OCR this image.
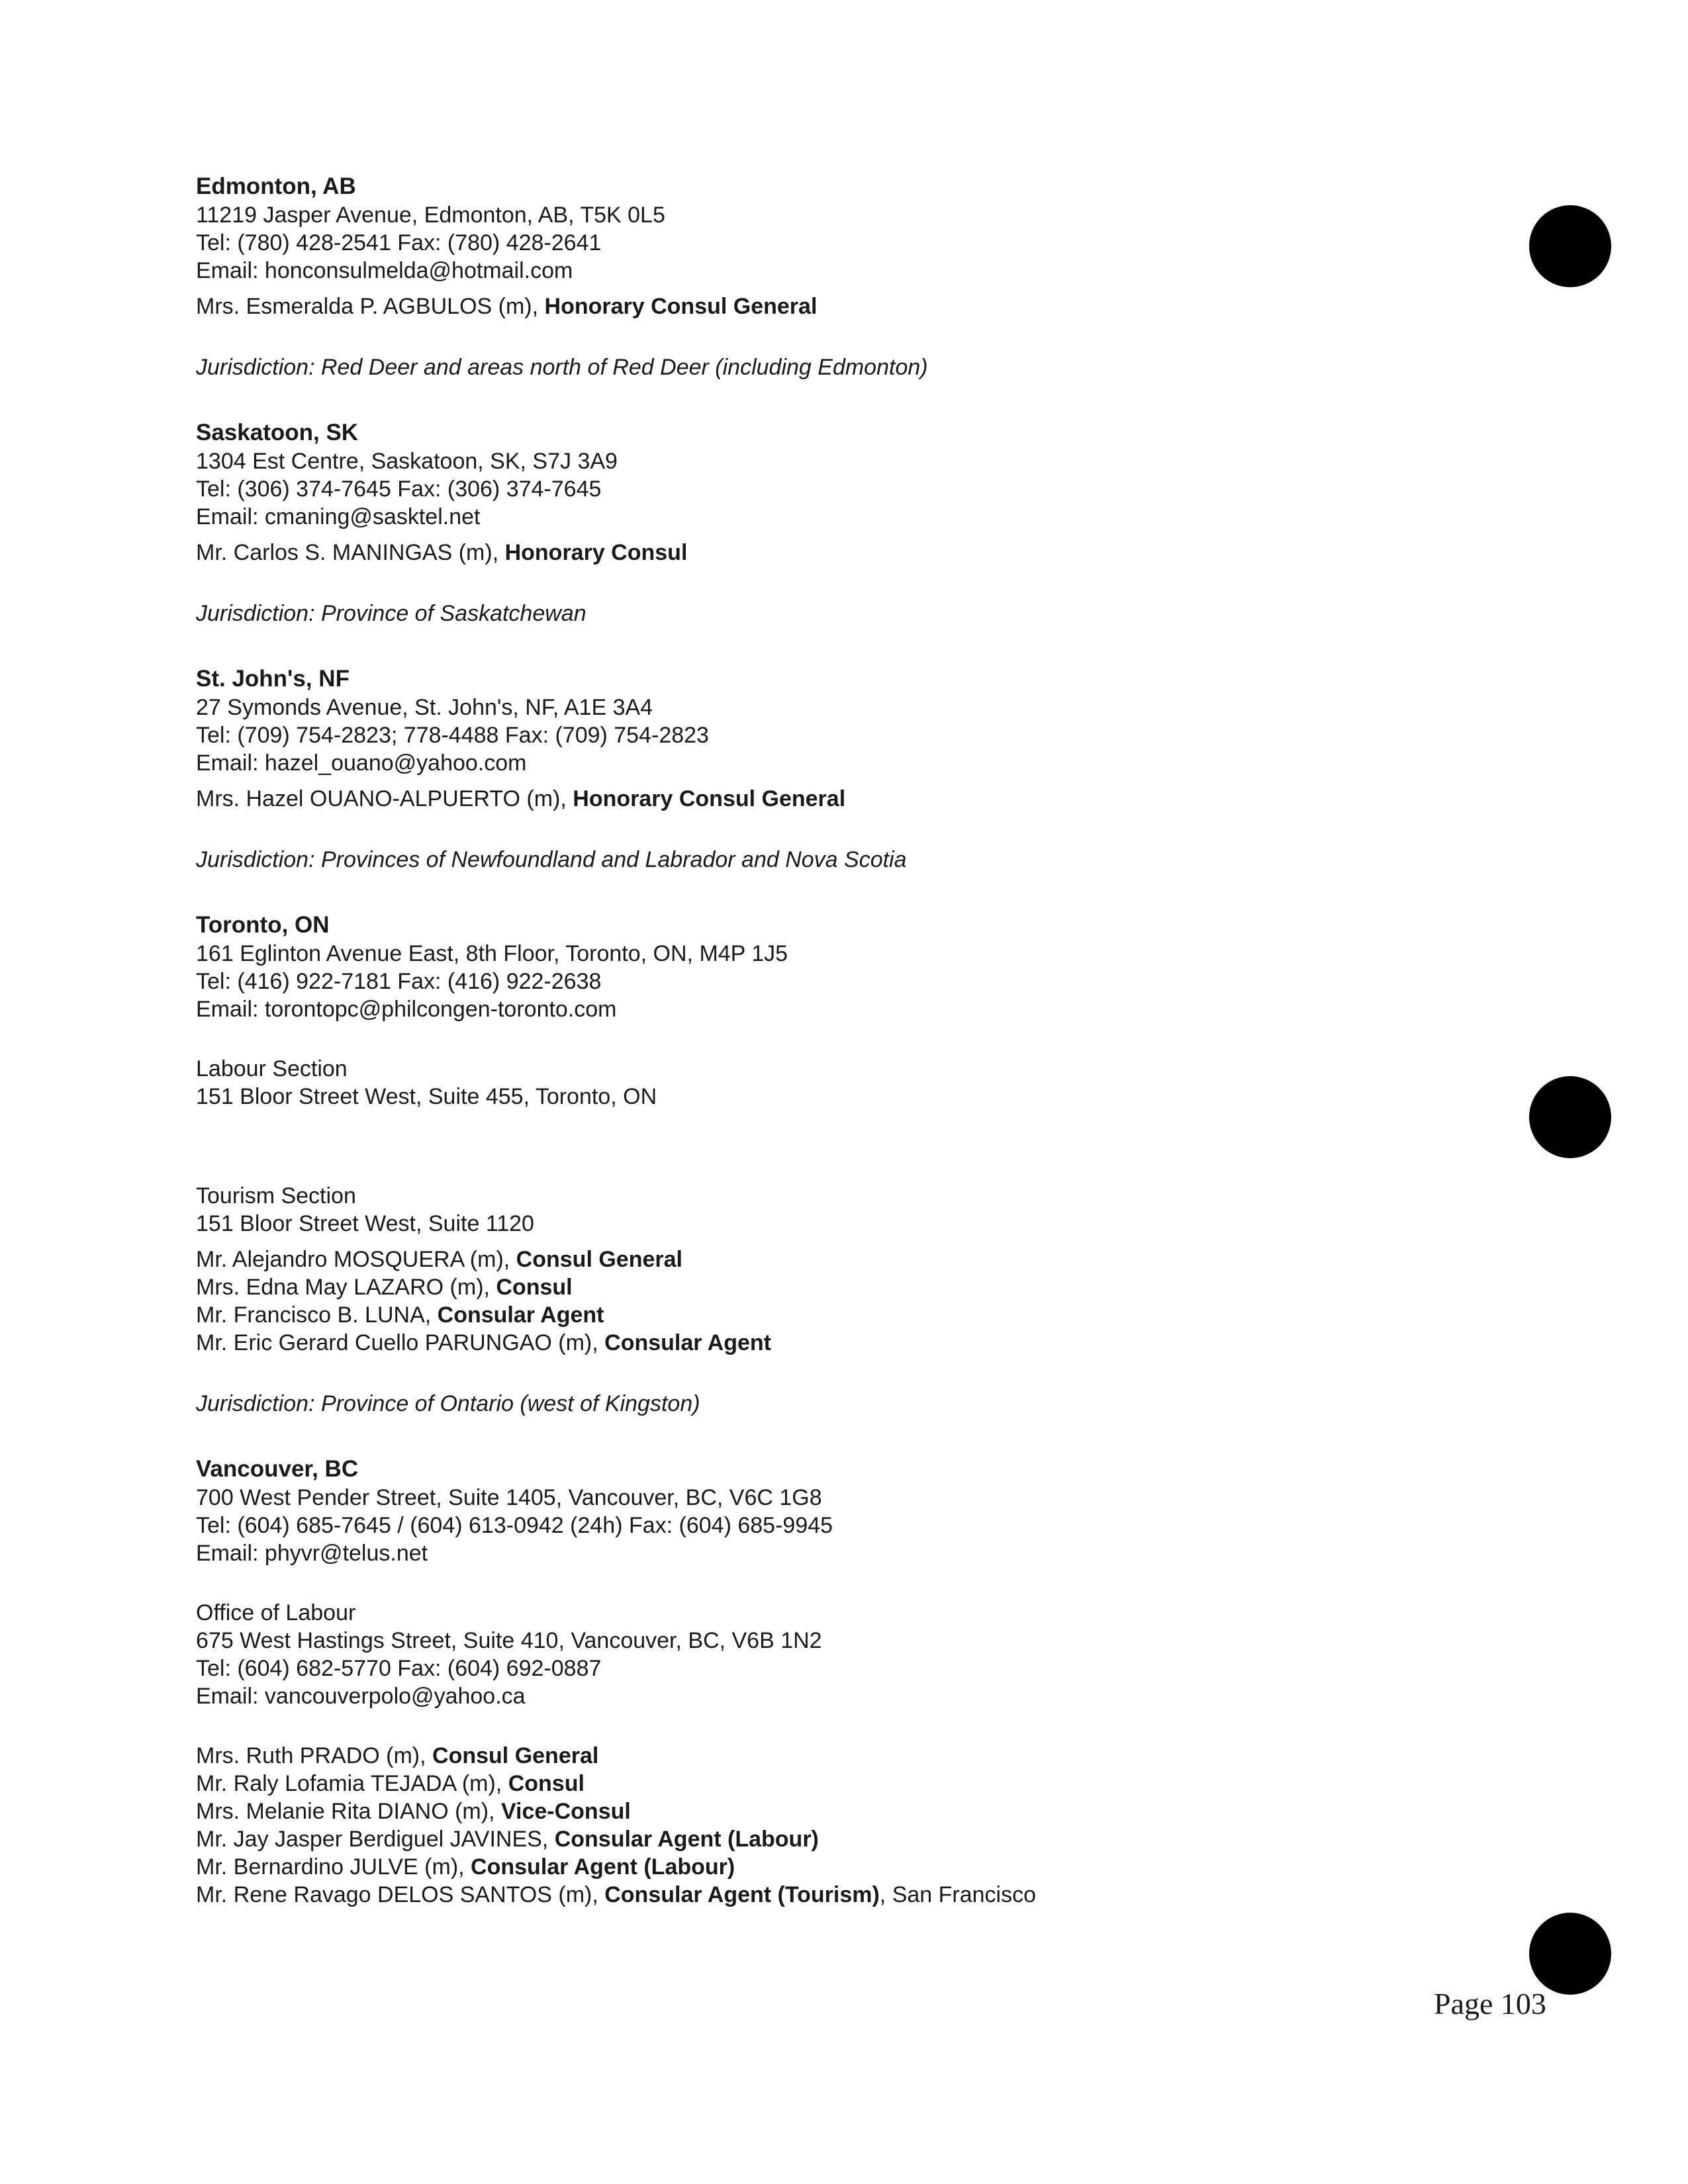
Edmonton, AB
11219 Jasper Avenue, Edmonton, AB, T5K 0L5
Tel: (780) 428-2541 Fax: (780) 428-2641
Email: honconsulmelda@hotmail.com
Mrs. Esmeralda P. AGBULOS (m), Honorary Consul General
Jurisdiction: Red Deer and areas north of Red Deer (including Edmonton)
Saskatoon, SK
1304 Est Centre, Saskatoon, SK, S7J 3A9
Tel: (306) 374-7645 Fax: (306) 374-7645
Email: cmaning@sasktel.net
Mr. Carlos S. MANINGAS (m), Honorary Consul
Jurisdiction: Province of Saskatchewan
St. John's, NF
27 Symonds Avenue, St. John's, NF, A1E 3A4
Tel: (709) 754-2823; 778-4488 Fax: (709) 754-2823
Email: hazel_ouano@yahoo.com
Mrs. Hazel OUANO-ALPUERTO (m), Honorary Consul General
Jurisdiction: Provinces of Newfoundland and Labrador and Nova Scotia
Toronto, ON
161 Eglinton Avenue East, 8th Floor, Toronto, ON, M4P 1J5
Tel: (416) 922-7181 Fax: (416) 922-2638
Email: torontopc@philcongen-toronto.com
Labour Section
151 Bloor Street West, Suite 455, Toronto, ON
Tourism Section
151 Bloor Street West, Suite 1120
Mr. Alejandro MOSQUERA (m), Consul General
Mrs. Edna May LAZARO (m), Consul
Mr. Francisco B. LUNA, Consular Agent
Mr. Eric Gerard Cuello PARUNGAO (m), Consular Agent
Jurisdiction: Province of Ontario (west of Kingston)
Vancouver, BC
700 West Pender Street, Suite 1405, Vancouver, BC, V6C 1G8
Tel: (604) 685-7645 / (604) 613-0942 (24h) Fax: (604) 685-9945
Email: phyvr@telus.net
Office of Labour
675 West Hastings Street, Suite 410, Vancouver, BC, V6B 1N2
Tel: (604) 682-5770 Fax: (604) 692-0887
Email: vancouverpolo@yahoo.ca
Mrs. Ruth PRADO (m), Consul General
Mr. Raly Lofamia TEJADA (m), Consul
Mrs. Melanie Rita DIANO (m), Vice-Consul
Mr. Jay Jasper Berdiguel JAVINES, Consular Agent (Labour)
Mr. Bernardino JULVE (m), Consular Agent (Labour)
Mr. Rene Ravago DELOS SANTOS (m), Consular Agent (Tourism), San Francisco
Page 103
